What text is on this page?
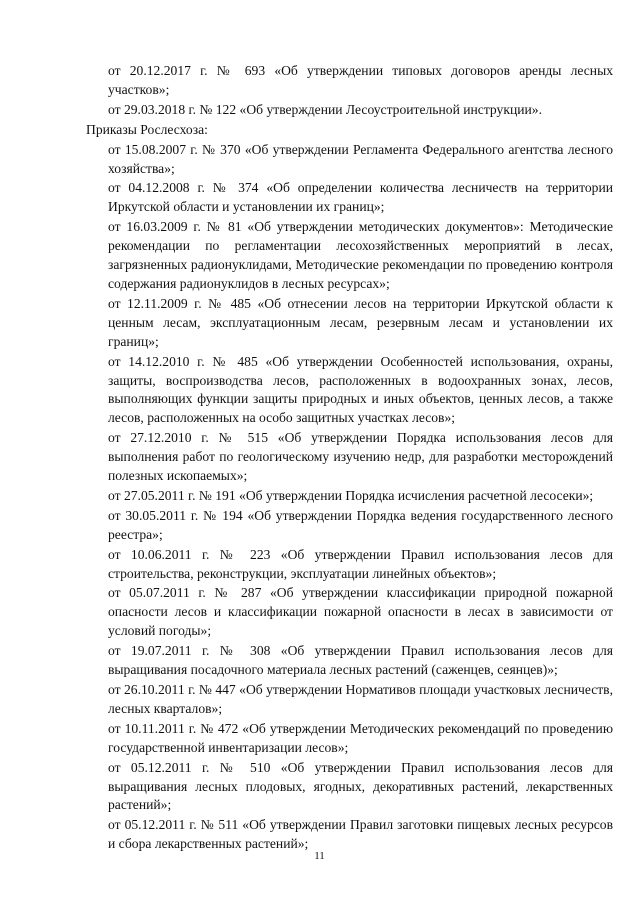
от 20.12.2017 г. № 693 «Об утверждении типовых договоров аренды лесных участков»;

от 29.03.2018 г. № 122 «Об утверждении Лесоустроительной инструкции».

Приказы Рослесхоза:

от 15.08.2007 г. № 370 «Об утверждении Регламента Федерального агентства лесного хозяйства»;

от 04.12.2008 г. № 374 «Об определении количества лесничеств на территории Иркутской области и установлении их границ»;

от 16.03.2009 г. № 81 «Об утверждении методических документов»: Методические рекомендации по регламентации лесохозяйственных мероприятий в лесах, загрязненных радионуклидами, Методические рекомендации по проведению контроля содержания радионуклидов в лесных ресурсах»;

от 12.11.2009 г. № 485 «Об отнесении лесов на территории Иркутской области к ценным лесам, эксплуатационным лесам, резервным лесам и установлении их границ»;

от 14.12.2010 г. № 485 «Об утверждении Особенностей использования, охраны, защиты, воспроизводства лесов, расположенных в водоохранных зонах, лесов, выполняющих функции защиты природных и иных объектов, ценных лесов, а также лесов, расположенных на особо защитных участках лесов»;

от 27.12.2010 г. № 515 «Об утверждении Порядка использования лесов для выполнения работ по геологическому изучению недр, для разработки месторождений полезных ископаемых»;

от 27.05.2011 г. № 191 «Об утверждении Порядка исчисления расчетной лесосеки»;

от 30.05.2011 г. № 194 «Об утверждении Порядка ведения государственного лесного реестра»;

от 10.06.2011 г. № 223 «Об утверждении Правил использования лесов для строительства, реконструкции, эксплуатации линейных объектов»;

от 05.07.2011 г. № 287 «Об утверждении классификации природной пожарной опасности лесов и классификации пожарной опасности в лесах в зависимости от условий погоды»;

от 19.07.2011 г. № 308 «Об утверждении Правил использования лесов для выращивания посадочного материала лесных растений (саженцев, сеянцев)»;

от 26.10.2011 г. № 447 «Об утверждении Нормативов площади участковых лесничеств, лесных кварталов»;

от 10.11.2011 г. № 472 «Об утверждении Методических рекомендаций по проведению государственной инвентаризации лесов»;

от 05.12.2011 г. № 510 «Об утверждении Правил использования лесов для выращивания лесных плодовых, ягодных, декоративных растений, лекарственных растений»;

от 05.12.2011 г. № 511 «Об утверждении Правил заготовки пищевых лесных ресурсов и сбора лекарственных растений»;

11
